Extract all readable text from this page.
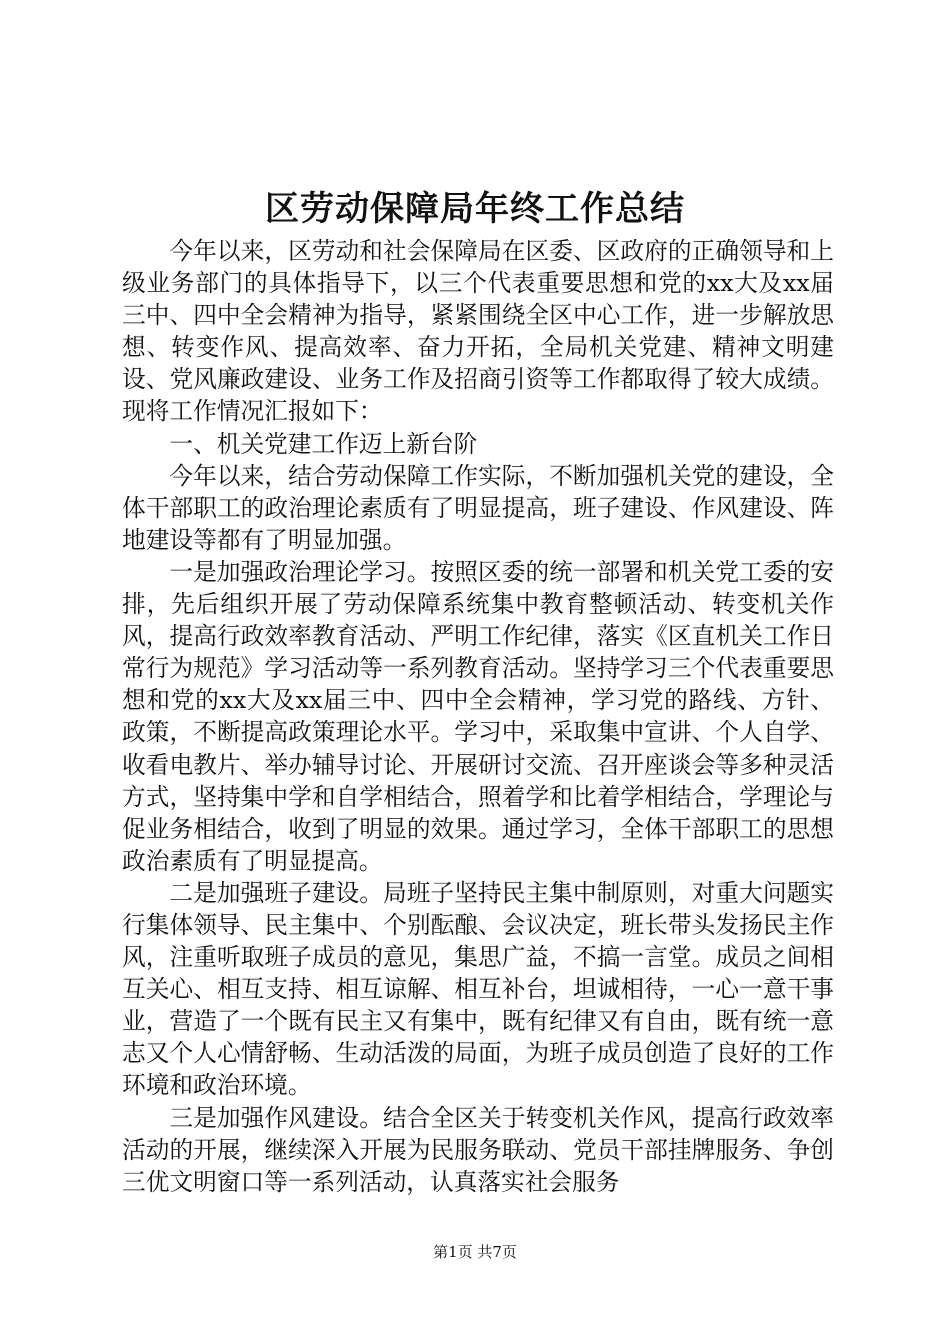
区劳动保障局年终工作总结

今年以来，区劳动和社会保障局在区委、区政府的正确领导和上级业务部门的具体指导下，以三个代表重要思想和党的xx大及xx届三中、四中全会精神为指导，紧紧围绕全区中心工作，进一步解放思想、转变作风、提高效率、奋力开拓，全局机关党建、精神文明建设、党风廉政建设、业务工作及招商引资等工作都取得了较大成绩。现将工作情况汇报如下：

一、机关党建工作迈上新台阶

今年以来，结合劳动保障工作实际，不断加强机关党的建设，全体干部职工的政治理论素质有了明显提高，班子建设、作风建设、阵地建设等都有了明显加强。

一是加强政治理论学习。按照区委的统一部署和机关党工委的安排，先后组织开展了劳动保障系统集中教育整顿活动、转变机关作风，提高行政效率教育活动、严明工作纪律，落实《区直机关工作日常行为规范》学习活动等一系列教育活动。坚持学习三个代表重要思想和党的xx大及xx届三中、四中全会精神，学习党的路线、方针、政策，不断提高政策理论水平。学习中，采取集中宣讲、个人自学、收看电教片、举办辅导讨论、开展研讨交流、召开座谈会等多种灵活方式，坚持集中学和自学相结合，照着学和比着学相结合，学理论与促业务相结合，收到了明显的效果。通过学习，全体干部职工的思想政治素质有了明显提高。

二是加强班子建设。局班子坚持民主集中制原则，对重大问题实行集体领导、民主集中、个别酝酿、会议决定，班长带头发扬民主作风，注重听取班子成员的意见，集思广益，不搞一言堂。成员之间相互关心、相互支持、相互谅解、相互补台，坦诚相待，一心一意干事业，营造了一个既有民主又有集中，既有纪律又有自由，既有统一意志又个人心情舒畅、生动活泼的局面，为班子成员创造了良好的工作环境和政治环境。

三是加强作风建设。结合全区关于转变机关作风，提高行政效率活动的开展，继续深入开展为民服务联动、党员干部挂牌服务、争创三优文明窗口等一系列活动，认真落实社会服务

第1页 共7页
